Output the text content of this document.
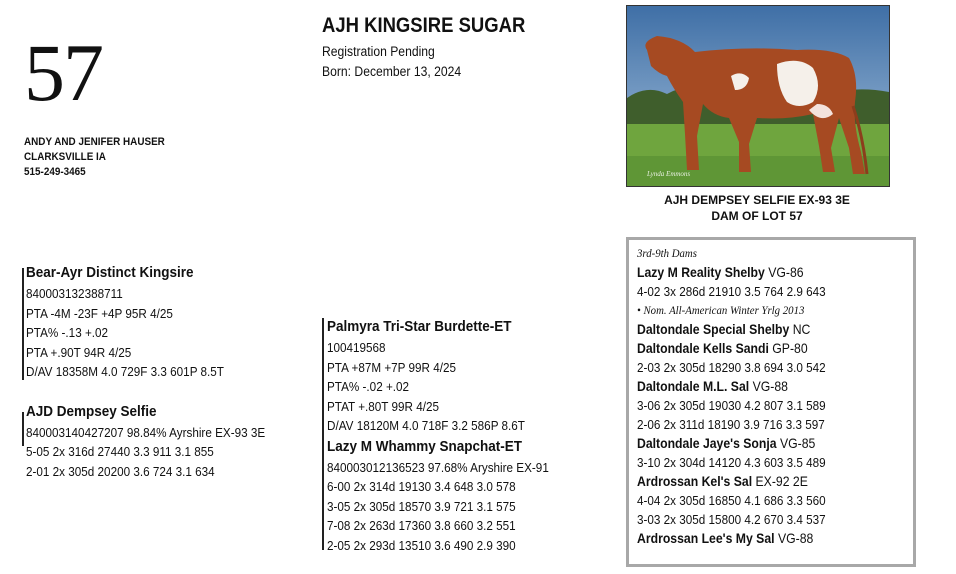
57
ANDY AND JENIFER HAUSER
CLARKSVILLE IA
515-249-3465
AJH KINGSIRE SUGAR
Registration Pending
Born: December 13, 2024
Lynda Emmons
AJH DEMPSEY SELFIE EX-93 3E
DAM OF LOT 57
Bear-Ayr Distinct Kingsire
840003132388711
PTA -4M -23F +4P 95R 4/25
PTA% -.13 +.02
PTA +.90T 94R 4/25
D/AV 18358M 4.0 729F 3.3 601P 8.5T
AJD Dempsey Selfie
840003140427207 98.84% Ayrshire EX-93 3E
5-05 2x 316d 27440 3.3 911 3.1 855
2-01 2x 305d 20200 3.6 724 3.1 634
Palmyra Tri-Star Burdette-ET
100419568
PTA +87M +7P 99R 4/25
PTA% -.02 +.02
PTAT +.80T 99R 4/25
D/AV 18120M 4.0 718F 3.2 586P 8.6T
Lazy M Whammy Snapchat-ET
840003012136523 97.68% Aryshire EX-91
6-00 2x 314d 19130 3.4 648 3.0 578
3-05 2x 305d 18570 3.9 721 3.1 575
7-08 2x 263d 17360 3.8 660 3.2 551
2-05 2x 293d 13510 3.6 490 2.9 390
3rd-9th Dams
Lazy M Reality Shelby VG-86
4-02 3x 286d 21910 3.5 764 2.9 643
• Nom. All-American Winter Yrlg 2013
Daltondale Special Shelby NC
Daltondale Kells Sandi GP-80
2-03 2x 305d 18290 3.8 694 3.0 542
Daltondale M.L. Sal VG-88
3-06 2x 305d 19030 4.2 807 3.1 589
2-06 2x 311d 18190 3.9 716 3.3 597
Daltondale Jaye's Sonja VG-85
3-10 2x 304d 14120 4.3 603 3.5 489
Ardrossan Kel's Sal EX-92 2E
4-04 2x 305d 16850 4.1 686 3.3 560
3-03 2x 305d 15800 4.2 670 3.4 537
Ardrossan Lee's My Sal VG-88
